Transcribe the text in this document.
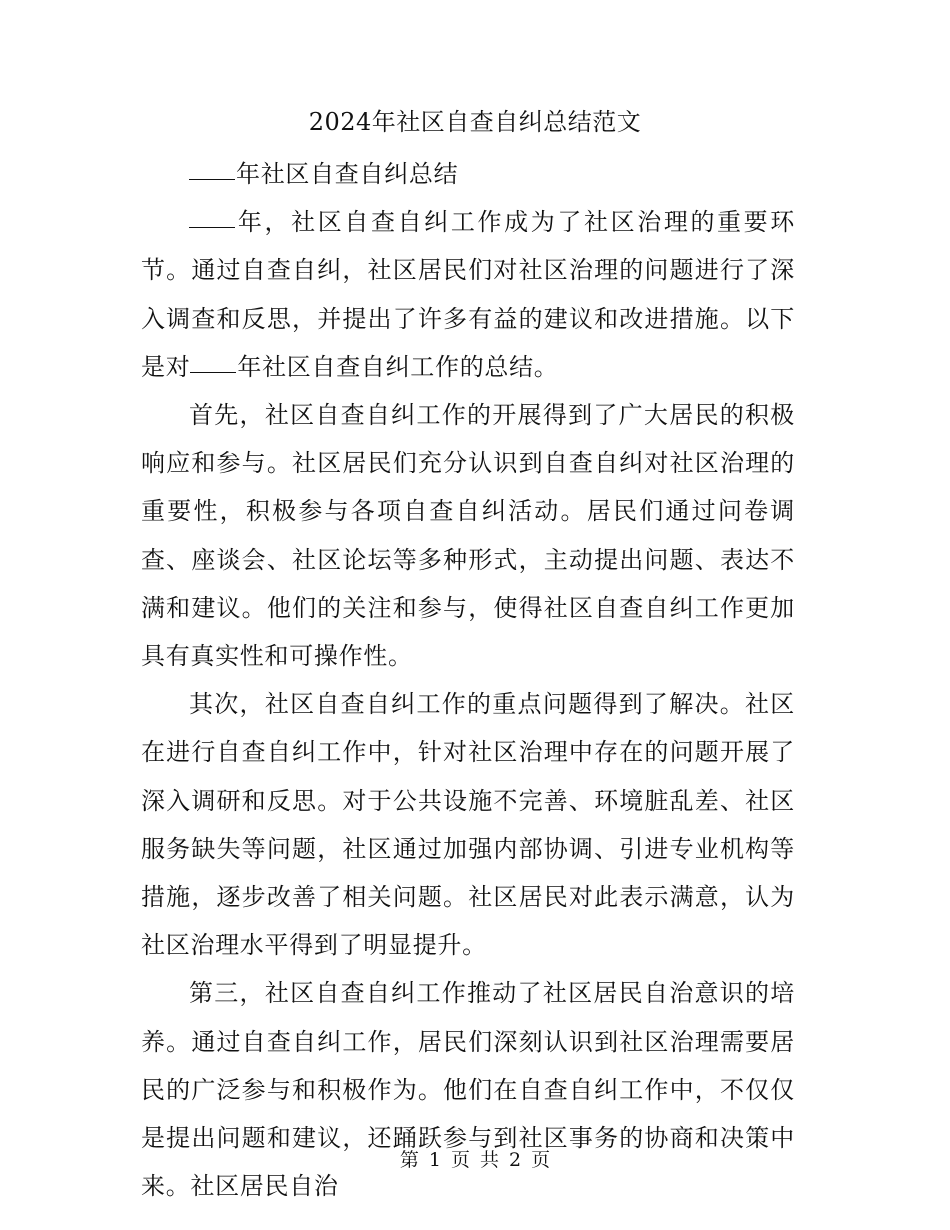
2024年社区自查自纠总结范文

年社区自查自纠总结

年，社区自查自纠工作成为了社区治理的重要环节。通过自查自纠，社区居民们对社区治理的问题进行了深入调查和反思，并提出了许多有益的建议和改进措施。以下是对 年社区自查自纠工作的总结。

首先，社区自查自纠工作的开展得到了广大居民的积极响应和参与。社区居民们充分认识到自查自纠对社区治理的重要性，积极参与各项自查自纠活动。居民们通过问卷调查、座谈会、社区论坛等多种形式，主动提出问题、表达不满和建议。他们的关注和参与，使得社区自查自纠工作更加具有真实性和可操作性。

其次，社区自查自纠工作的重点问题得到了解决。社区在进行自查自纠工作中，针对社区治理中存在的问题开展了深入调研和反思。对于公共设施不完善、环境脏乱差、社区服务缺失等问题，社区通过加强内部协调、引进专业机构等措施，逐步改善了相关问题。社区居民对此表示满意，认为社区治理水平得到了明显提升。

第三，社区自查自纠工作推动了社区居民自治意识的培养。通过自查自纠工作，居民们深刻认识到社区治理需要居民的广泛参与和积极作为。他们在自查自纠工作中，不仅仅是提出问题和建议，还踊跃参与到社区事务的协商和决策中来。社区居民自治

第 1 页 共 2 页
